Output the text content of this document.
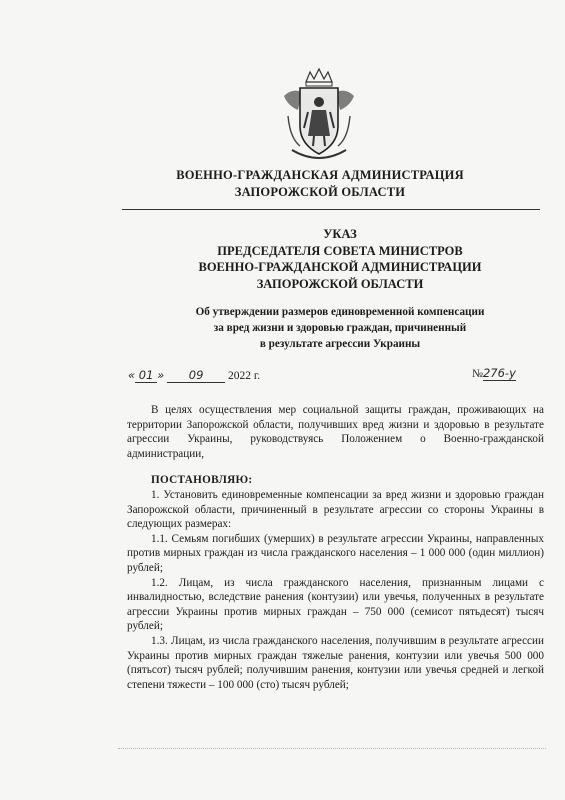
ВОЕННО-ГРАЖДАНСКАЯ АДМИНИСТРАЦИЯ
ЗАПОРОЖСКОЙ ОБЛАСТИ
УКАЗ
ПРЕДСЕДАТЕЛЯ СОВЕТА МИНИСТРОВ
ВОЕННО-ГРАЖДАНСКОЙ АДМИНИСТРАЦИИ
ЗАПОРОЖСКОЙ ОБЛАСТИ
Об утверждении размеров единовременной компенсации
за вред жизни и здоровью граждан, причиненный
в результате агрессии Украины
« 01 » 09 2022 г.	№276-у

В целях осуществления мер социальной защиты граждан, проживающих на территории Запорожской области, получивших вред жизни и здоровью в результате агрессии Украины, руководствуясь Положением о Военно-гражданской администрации,

ПОСТАНОВЛЯЮ:

1. Установить единовременные компенсации за вред жизни и здоровью граждан Запорожской области, причиненный в результате агрессии со стороны Украины в следующих размерах:

1.1. Семьям погибших (умерших) в результате агрессии Украины, направленных против мирных граждан из числа гражданского населения – 1 000 000 (один миллион) рублей;

1.2. Лицам, из числа гражданского населения, признанным лицами с инвалидностью, вследствие ранения (контузии) или увечья, полученных в результате агрессии Украины против мирных граждан – 750 000 (семисот пятьдесят) тысяч рублей;

1.3. Лицам, из числа гражданского населения, получившим в результате агрессии Украины против мирных граждан тяжелые ранения, контузии или увечья 500 000 (пятьсот) тысяч рублей; получившим ранения, контузии или увечья средней и легкой степени тяжести – 100 000 (сто) тысяч рублей;
